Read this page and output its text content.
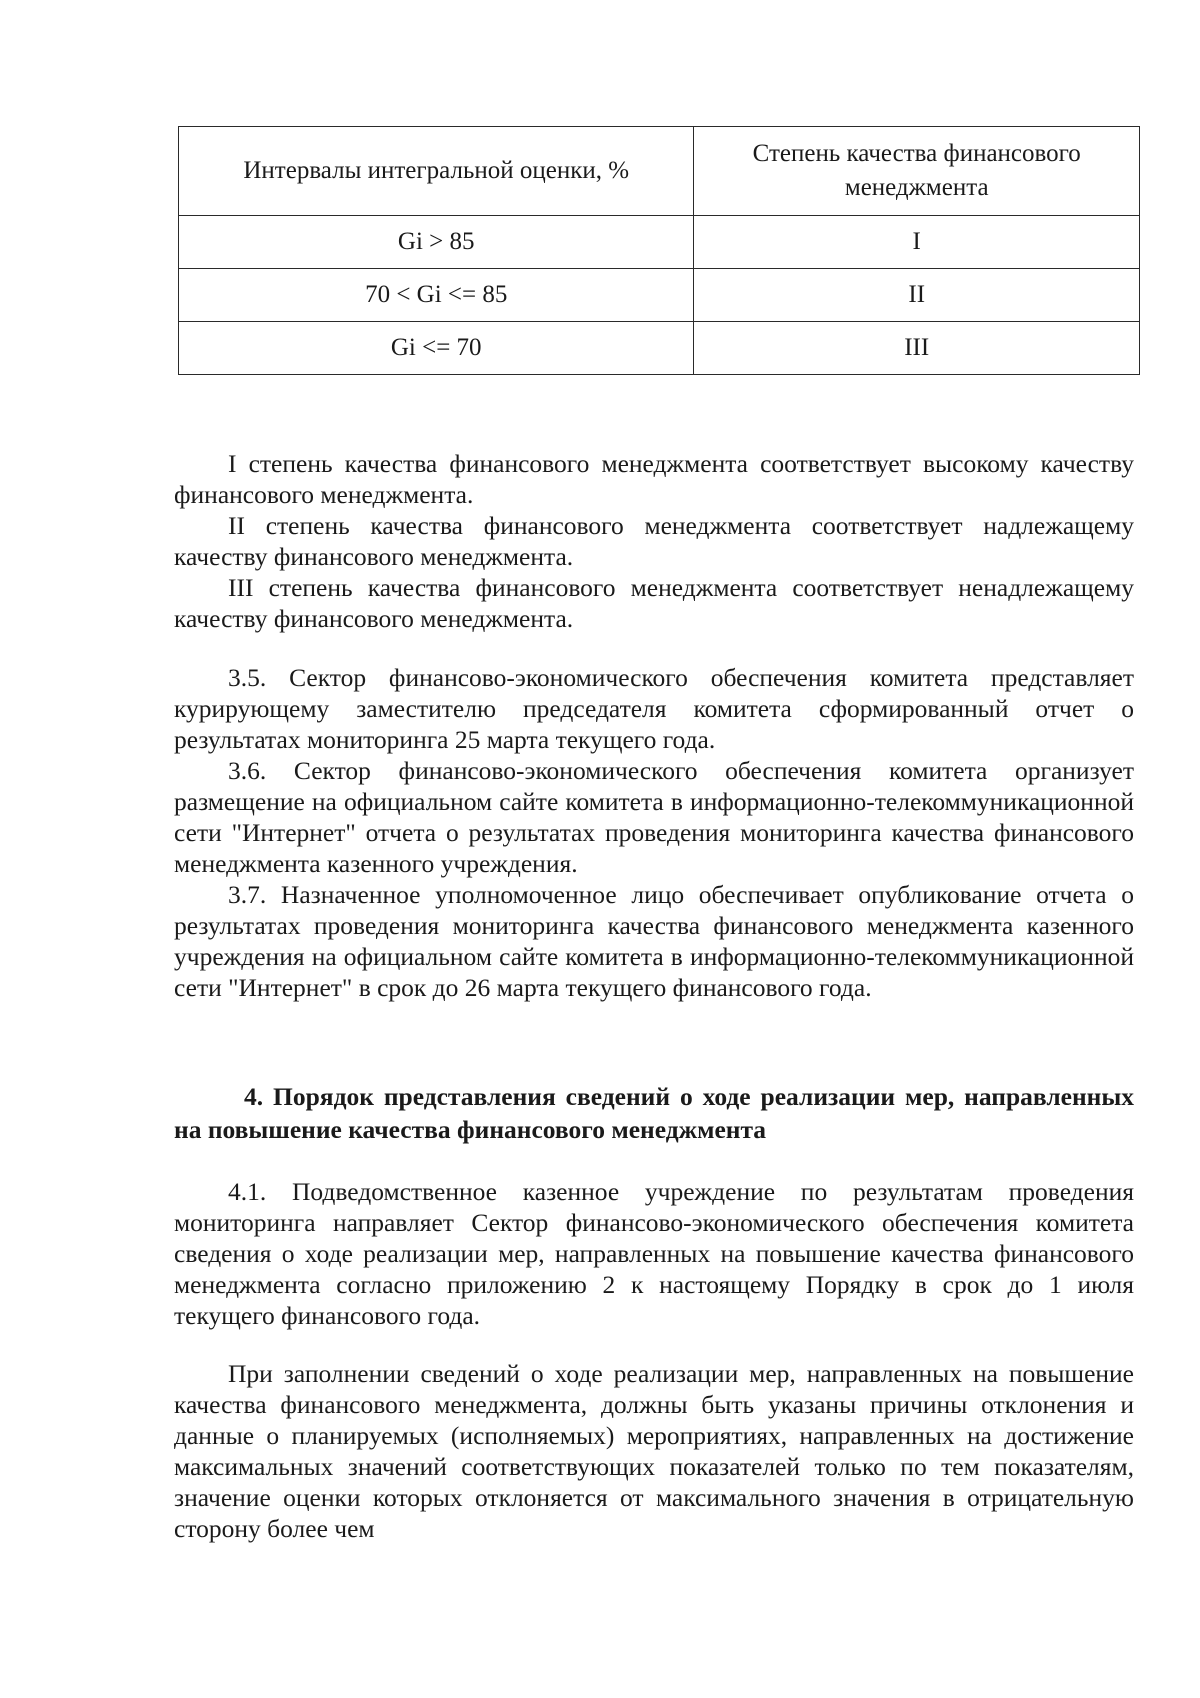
Интервалы интегральной оценки, %	Степень качества финансового менеджмента
Gi > 85	I
70 < Gi <= 85	II
Gi <= 70	III

I степень качества финансового менеджмента соответствует высокому качеству финансового менеджмента.

II степень качества финансового менеджмента соответствует надлежащему качеству финансового менеджмента.

III степень качества финансового менеджмента соответствует ненадлежащему качеству финансового менеджмента.

3.5. Сектор финансово-экономического обеспечения комитета представляет курирующему заместителю председателя комитета сформированный отчет о результатах мониторинга 25 марта текущего года.

3.6. Сектор финансово-экономического обеспечения комитета организует размещение на официальном сайте комитета в информационно-телекоммуникационной сети "Интернет" отчета о результатах проведения мониторинга качества финансового менеджмента казенного учреждения.

3.7. Назначенное уполномоченное лицо обеспечивает опубликование отчета о результатах проведения мониторинга качества финансового менеджмента казенного учреждения на официальном сайте комитета в информационно-телекоммуникационной сети "Интернет" в срок до 26 марта текущего финансового года.

4. Порядок представления сведений о ходе реализации мер, направленных на повышение качества финансового менеджмента

4.1. Подведомственное казенное учреждение по результатам проведения мониторинга направляет Сектор финансово-экономического обеспечения комитета сведения о ходе реализации мер, направленных на повышение качества финансового менеджмента согласно приложению 2 к настоящему Порядку в срок до 1 июля текущего финансового года.

При заполнении сведений о ходе реализации мер, направленных на повышение качества финансового менеджмента, должны быть указаны причины отклонения и данные о планируемых (исполняемых) мероприятиях, направленных на достижение максимальных значений соответствующих показателей только по тем показателям, значение оценки которых отклоняется от максимального значения в отрицательную сторону более чем
